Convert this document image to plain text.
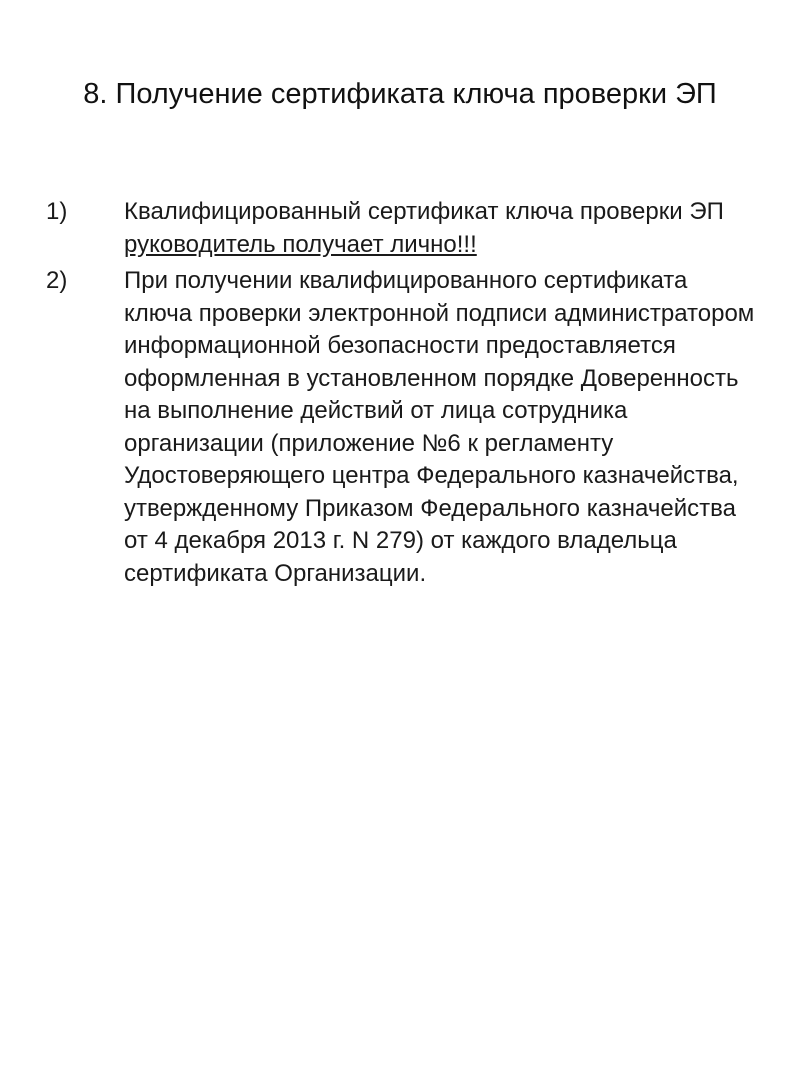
8. Получение сертификата ключа проверки ЭП
1) Квалифицированный сертификат ключа проверки ЭП руководитель получает лично!!!
2) При получении квалифицированного сертификата ключа проверки электронной подписи администратором информационной безопасности предоставляется оформленная в установленном порядке Доверенность на выполнение действий от лица сотрудника организации (приложение №6 к регламенту Удостоверяющего центра Федерального казначейства, утвержденному Приказом Федерального казначейства от 4 декабря 2013 г. N 279) от каждого владельца сертификата Организации.
